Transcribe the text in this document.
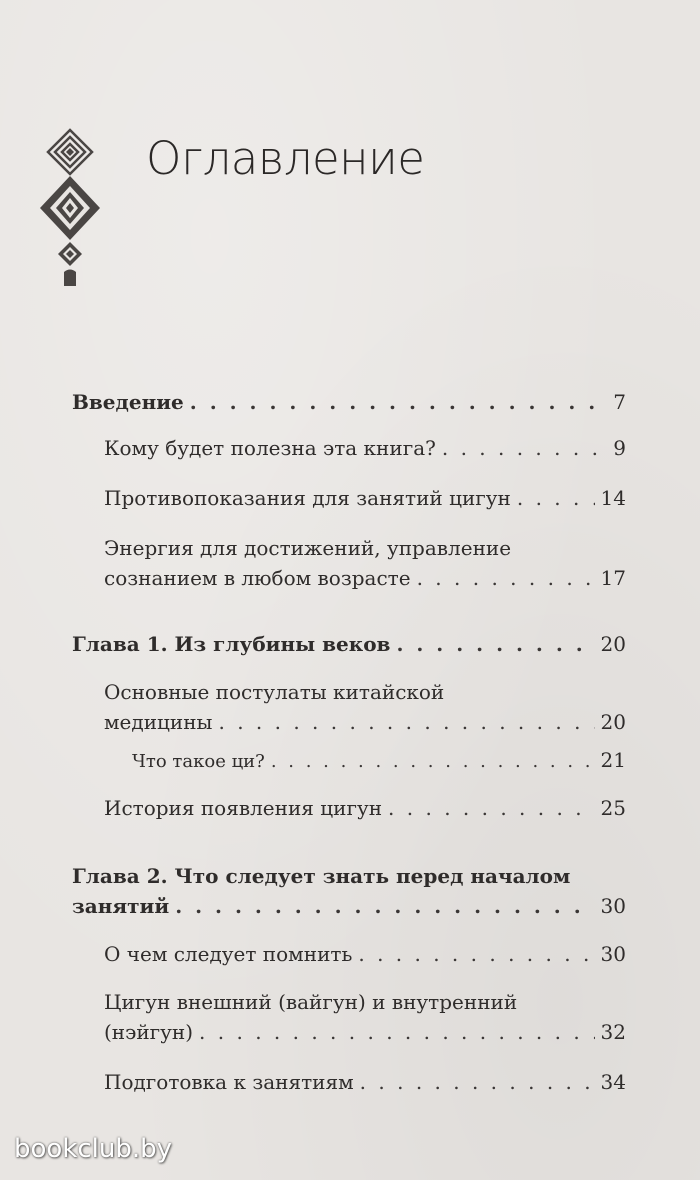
Оглавление
Введение . . .	7
Кому будет полезна эта книга? . . .	9
Противопоказания для занятий цигун . . .	14
Энергия для достижений, управление
сознанием в любом возрасте . . .	17
Глава 1. Из глубины веков . . .	20
Основные постулаты китайской
медицины . . .	20
Что такое ци? . . .	21
История появления цигун . . .	25
Глава 2. Что следует знать перед началом
занятий . . .	30
О чем следует помнить . . .	30
Цигун внешний (вайгун) и внутренний
(нэйгун) . . .	32
Подготовка к занятиям . . .	34
bookclub.by
